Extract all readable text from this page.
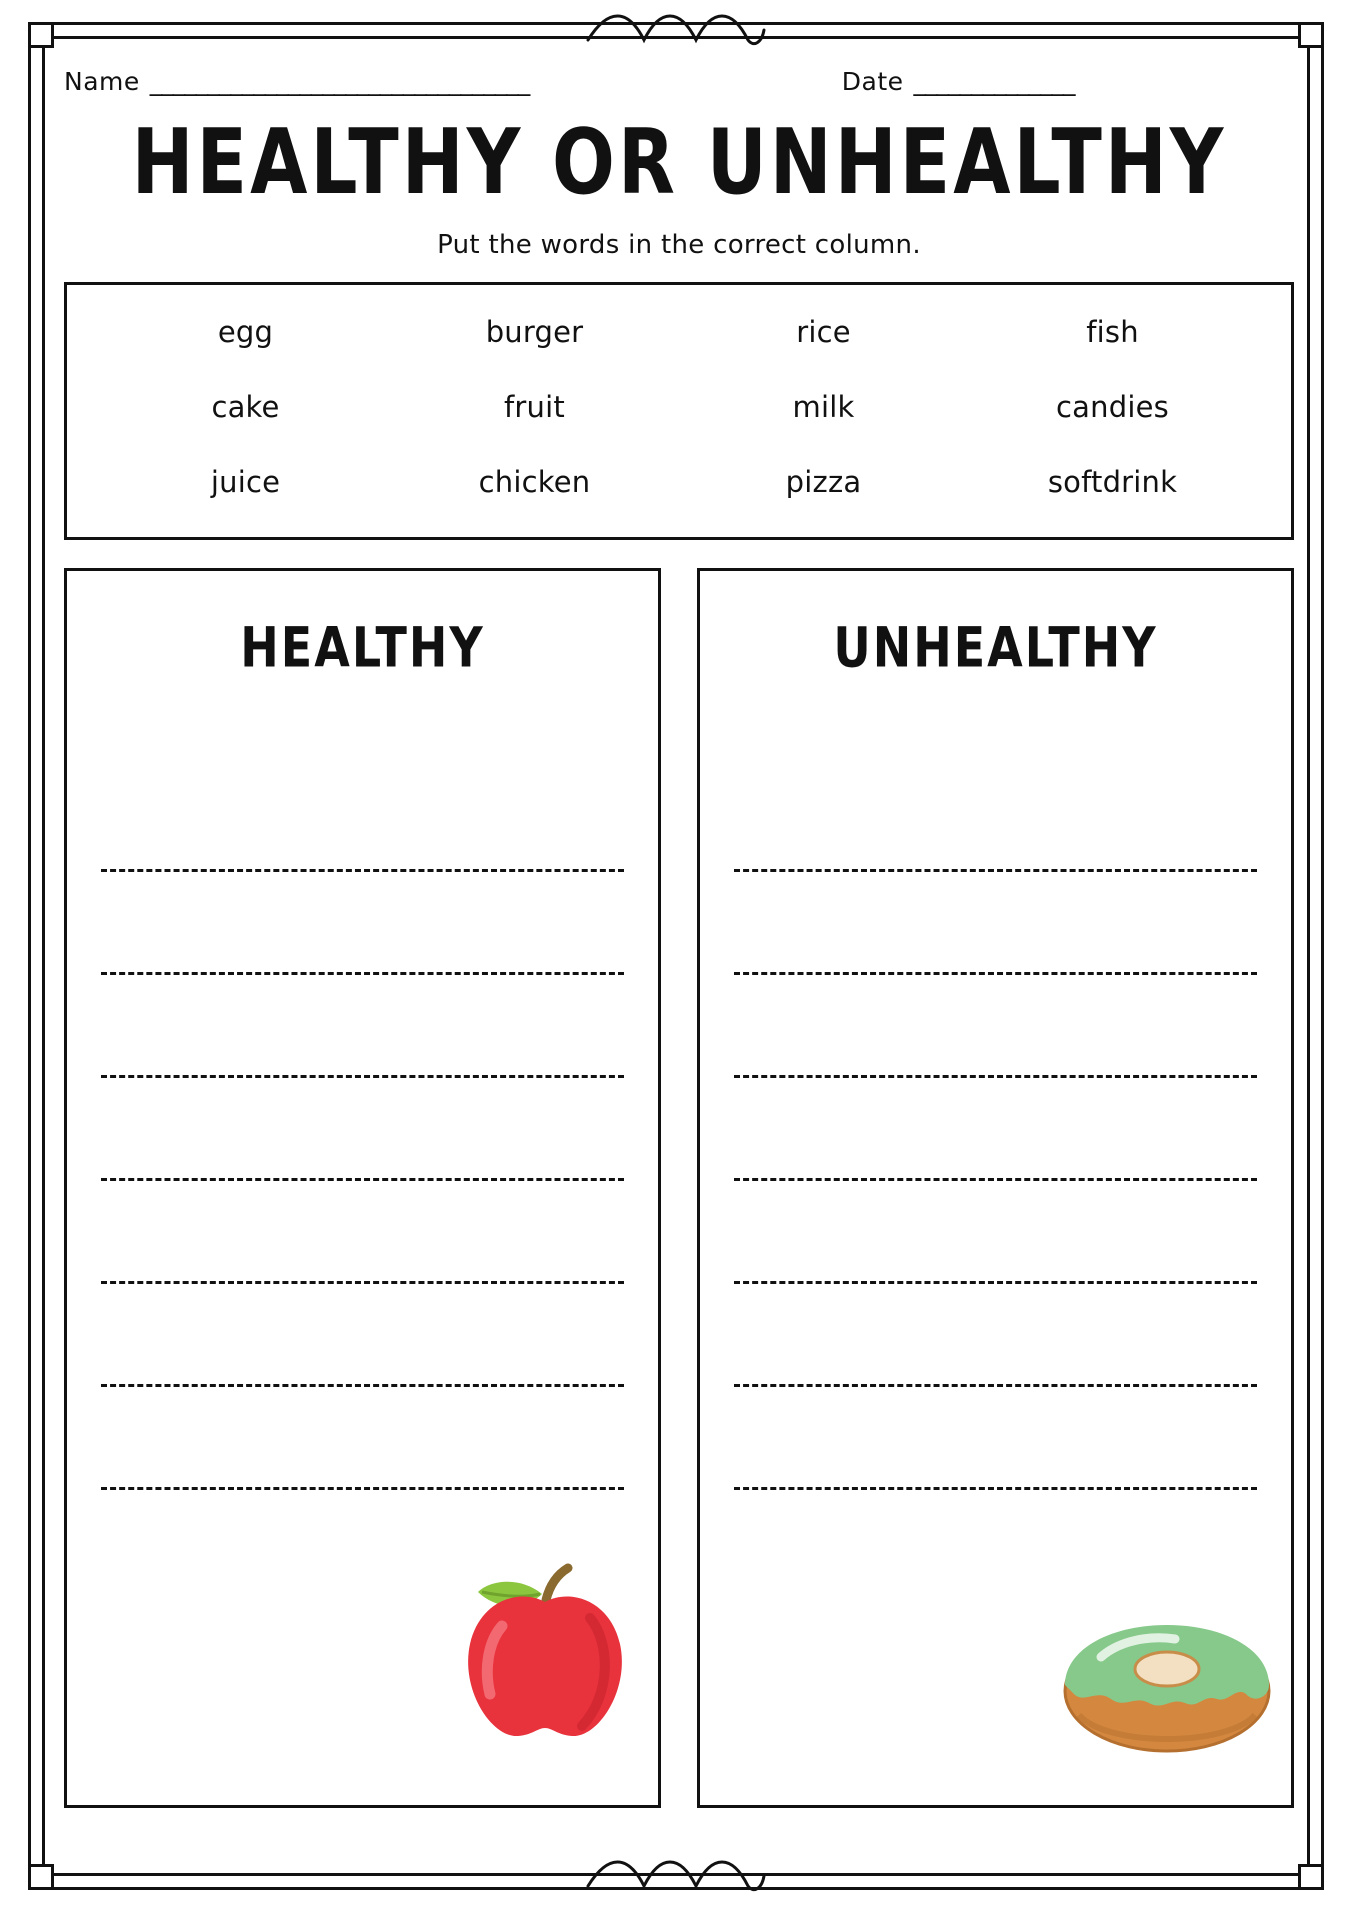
Name _________________________________	Date ______________
HEALTHY OR UNHEALTHY
Put the words in the correct column.
egg	burger	rice	fish
cake	fruit	milk	candies
juice	chicken	pizza	softdrink
HEALTHY	UNHEALTHY
